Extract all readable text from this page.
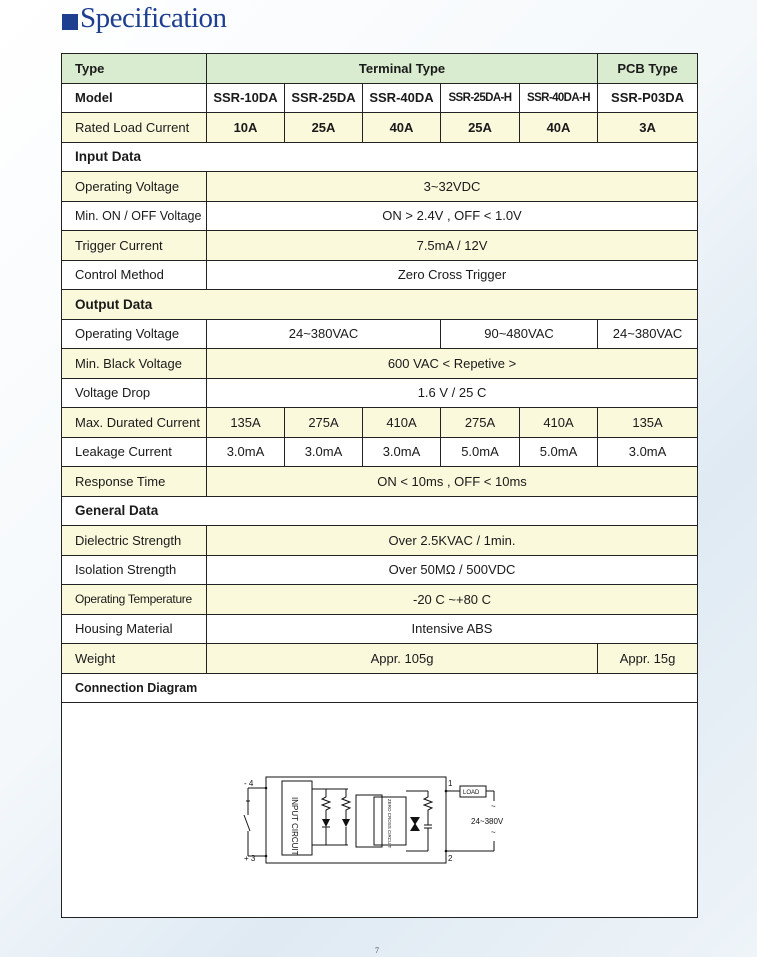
Specification
Type	Terminal Type					PCB Type
Model	SSR-10DA	SSR-25DA	SSR-40DA	SSR-25DA-H	SSR-40DA-H	SSR-P03DA
Rated Load Current	10A	25A	40A	25A	40A	3A
Input Data						
Operating Voltage	3~32VDC					
Min. ON / OFF Voltage	ON > 2.4V , OFF < 1.0V					
Trigger Current	7.5mA / 12V					
Control Method	Zero Cross Trigger					
Output Data						
Operating Voltage	24~380VAC			90~480VAC		24~380VAC
Min. Black Voltage	600 VAC < Repetive >					
Voltage Drop	1.6 V / 25 C					
Max. Durated Current	135A	275A	410A	275A	410A	135A
Leakage Current	3.0mA	3.0mA	3.0mA	5.0mA	5.0mA	3.0mA
Response Time	ON < 10ms , OFF < 10ms					
General Data						
Dielectric Strength	Over 2.5KVAC / 1min.					
Isolation Strength	Over 50MΩ / 500VDC					
Operating Temperature	-20 C ~+80 C					
Housing Material	Intensive ABS					
Weight	Appr. 105g					Appr. 15g
Connection Diagram						

- 4
+ 3
1
2
INPUT CIRCUIT	ZERO CROSS CIRCUIT
LOAD
24~380V
~
~
7
